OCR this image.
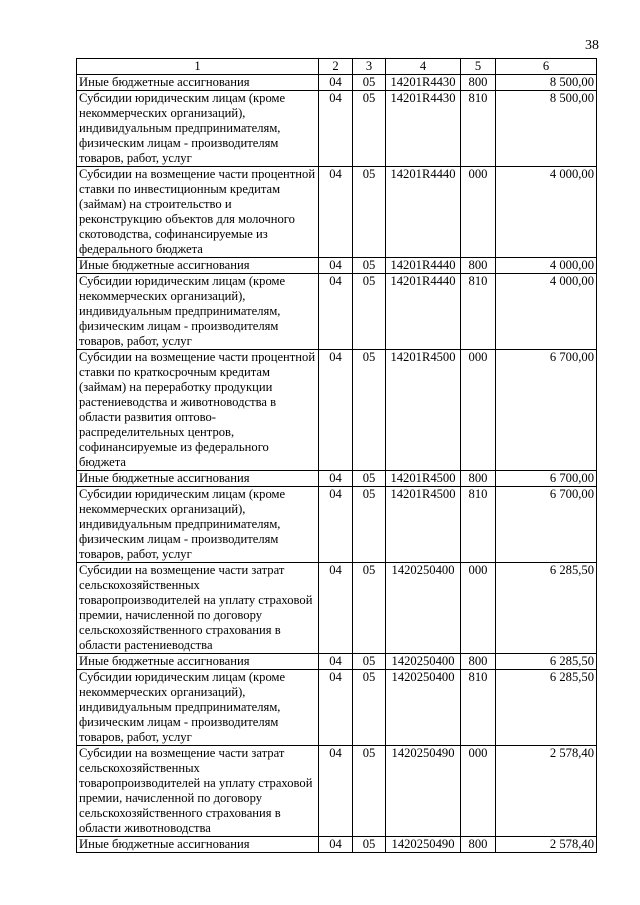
38
1	2	3	4	5	6
Иные бюджетные ассигнования	04	05	14201R4430	800	8 500,00
Субсидии юридическим лицам (кроме некоммерческих организаций), индивидуальным предпринимателям, физическим лицам - производителям товаров, работ, услуг	04	05	14201R4430	810	8 500,00
Субсидии на возмещение части процентной ставки по инвестиционным кредитам (займам) на строительство и реконструкцию объектов для молочного скотоводства, софинансируемые из федерального бюджета	04	05	14201R4440	000	4 000,00
Иные бюджетные ассигнования	04	05	14201R4440	800	4 000,00
Субсидии юридическим лицам (кроме некоммерческих организаций), индивидуальным предпринимателям, физическим лицам - производителям товаров, работ, услуг	04	05	14201R4440	810	4 000,00
Субсидии на возмещение части процентной ставки по краткосрочным кредитам (займам) на переработку продукции растениеводства и животноводства в области развития оптово-распределительных центров, софинансируемые из федерального бюджета	04	05	14201R4500	000	6 700,00
Иные бюджетные ассигнования	04	05	14201R4500	800	6 700,00
Субсидии юридическим лицам (кроме некоммерческих организаций), индивидуальным предпринимателям, физическим лицам - производителям товаров, работ, услуг	04	05	14201R4500	810	6 700,00
Субсидии на возмещение части затрат сельскохозяйственных товаропроизводителей на уплату страховой премии, начисленной по договору сельскохозяйственного страхования в области растениеводства	04	05	1420250400	000	6 285,50
Иные бюджетные ассигнования	04	05	1420250400	800	6 285,50
Субсидии юридическим лицам (кроме некоммерческих организаций), индивидуальным предпринимателям, физическим лицам - производителям товаров, работ, услуг	04	05	1420250400	810	6 285,50
Субсидии на возмещение части затрат сельскохозяйственных товаропроизводителей на уплату страховой премии, начисленной по договору сельскохозяйственного страхования в области животноводства	04	05	1420250490	000	2 578,40
Иные бюджетные ассигнования	04	05	1420250490	800	2 578,40
